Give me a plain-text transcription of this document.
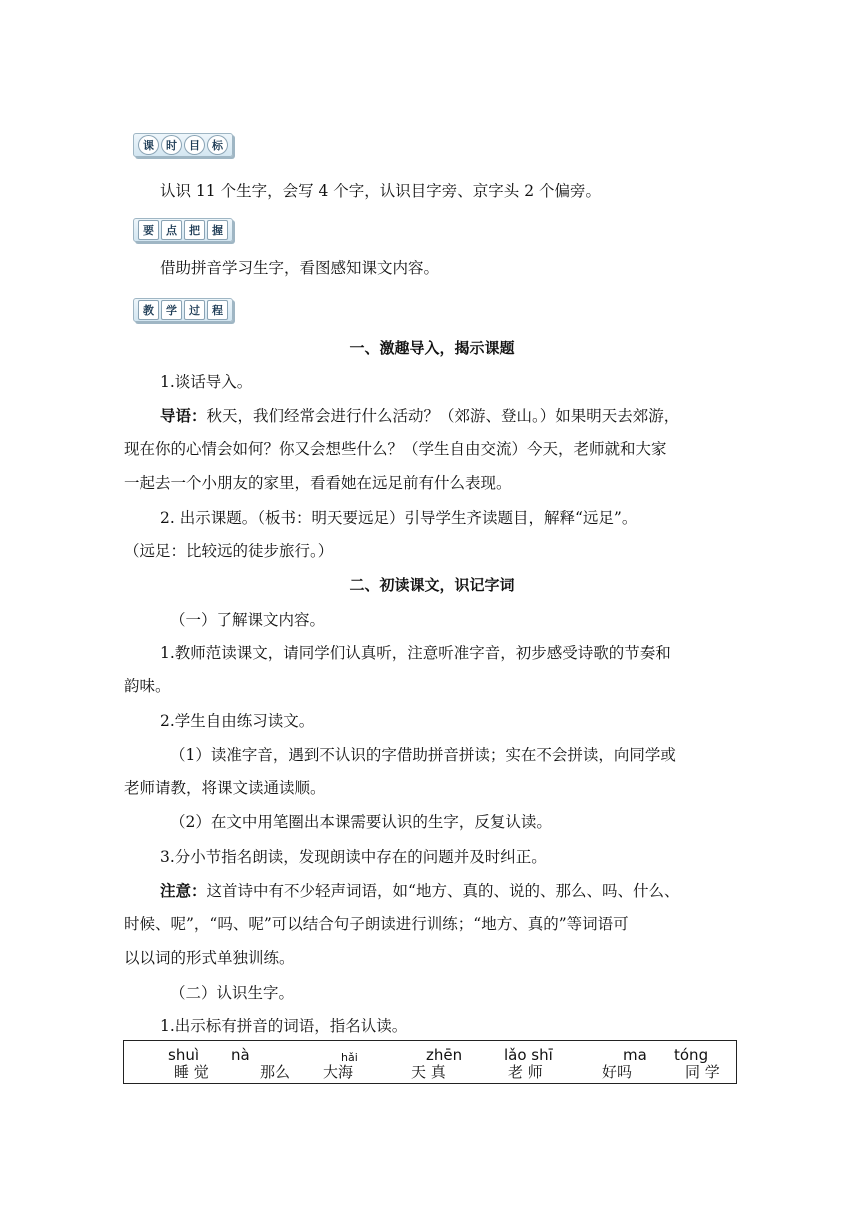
课	时	目	标
认识 11 个生字，会写 4 个字，认识目字旁、京字头 2 个偏旁。
要	点	把	握
借助拼音学习生字，看图感知课文内容。
教	学	过	程
一、激趣导入，揭示课题
1.谈话导入。
导语：秋天，我们经常会进行什么活动？（郊游、登山。）如果明天去郊游，
现在你的心情会如何？你又会想些什么？（学生自由交流）今天，老师就和大家
一起去一个小朋友的家里，看看她在远足前有什么表现。
2. 出示课题。（板书：明天要远足）引导学生齐读题目，解释“远足”。
（远足：比较远的徒步旅行。）
二、初读课文，识记字词
（一）了解课文内容。
1.教师范读课文，请同学们认真听，注意听准字音，初步感受诗歌的节奏和
韵味。
2.学生自由练习读文。
（1）读准字音，遇到不认识的字借助拼音拼读；实在不会拼读，向同学或
老师请教，将课文读通读顺。
（2）在文中用笔圈出本课需要认识的生字，反复认读。
3.分小节指名朗读，发现朗读中存在的问题并及时纠正。
注意：这首诗中有不少轻声词语，如“地方、真的、说的、那么、吗、什么、
时候、呢”，“吗、呢”可以结合句子朗读进行训练；“地方、真的”等词语可
以以词的形式单独训练。
（二）认识生字。
1.出示标有拼音的词语，指名认读。
shuì nà	hǎi	zhēn	lǎo shī	ma tóng
睡 觉	那么 大海	天 真	老 师	好吗	同 学
